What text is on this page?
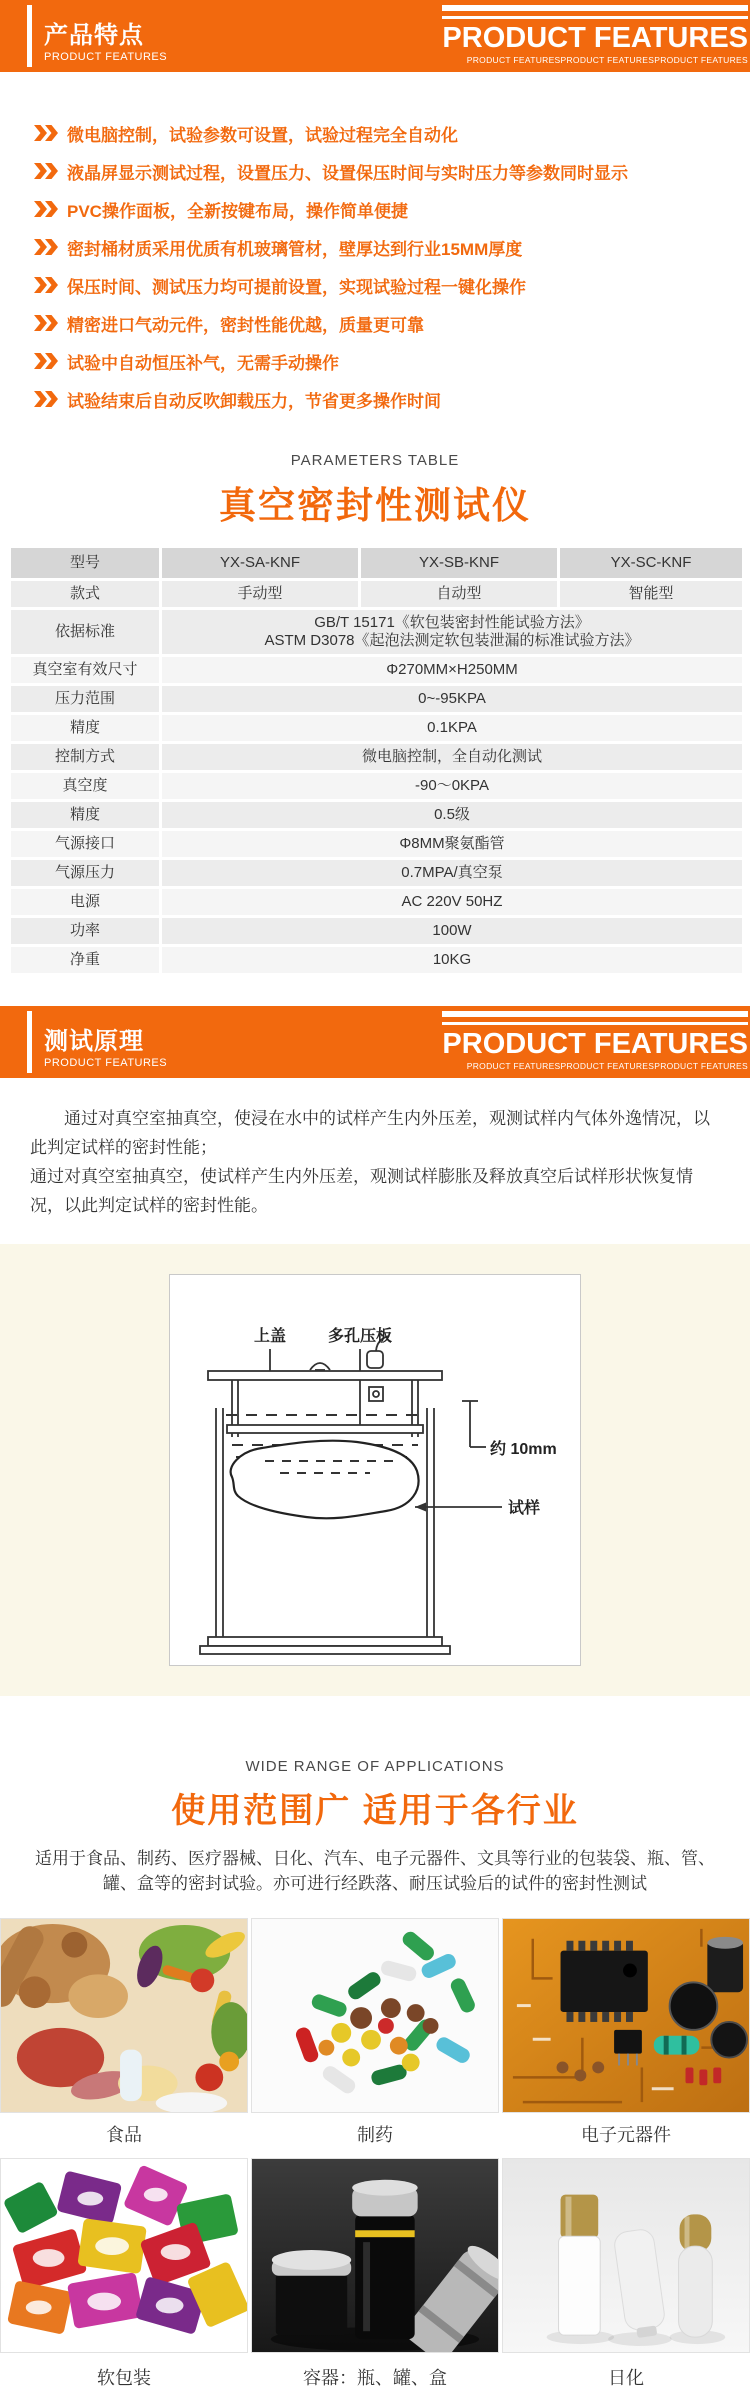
产品特点
PRODUCT FEATURES
PRODUCT FEATURES
PRODUCT FEATURESPRODUCT FEATURESPRODUCT FEATURES
微电脑控制，试验参数可设置，试验过程完全自动化
液晶屏显示测试过程，设置压力、设置保压时间与实时压力等参数同时显示
PVC操作面板，全新按键布局，操作简单便捷
密封桶材质采用优质有机玻璃管材，壁厚达到行业15MM厚度
保压时间、测试压力均可提前设置，实现试验过程一键化操作
精密进口气动元件，密封性能优越，质量更可靠
试验中自动恒压补气，无需手动操作
试验结束后自动反吹卸载压力，节省更多操作时间
PARAMETERS TABLE
真空密封性测试仪
型号	YX-SA-KNF	YX-SB-KNF	YX-SC-KNF
款式	手动型	自动型	智能型
依据标准	GB/T 15171《软包装密封性能试验方法》
ASTM D3078《起泡法测定软包装泄漏的标准试验方法》		

真空室有效尺寸	Φ270MM×H250MM		
压力范围	0~-95KPA		
精度	0.1KPA		
控制方式	微电脑控制，全自动化测试		
真空度	-90～0KPA		
精度	0.5级		
气源接口	Φ8MM聚氨酯管		
气源压力	0.7MPA/真空泵		
电源	AC 220V 50HZ		
功率	100W		
净重	10KG		
测试原理
PRODUCT FEATURES
PRODUCT FEATURES
PRODUCT FEATURESPRODUCT FEATURESPRODUCT FEATURES

通过对真空室抽真空，使浸在水中的试样产生内外压差，观测试样内气体外逸情况，以此判定试样的密封性能；

通过对真空室抽真空，使试样产生内外压差，观测试样膨胀及释放真空后试样形状恢复情况，以此判定试样的密封性能。

上盖	多孔压板
约 10mm
试样
WIDE RANGE OF APPLICATIONS
使用范围广 适用于各行业
适用于食品、制药、医疗器械、日化、汽车、电子元器件、文具等行业的包装袋、瓶、管、罐、盒等的密封试验。亦可进行经跌落、耐压试验后的试件的密封性测试
食品	制药	电子元器件
软包装	容器：瓶、罐、盒	日化
